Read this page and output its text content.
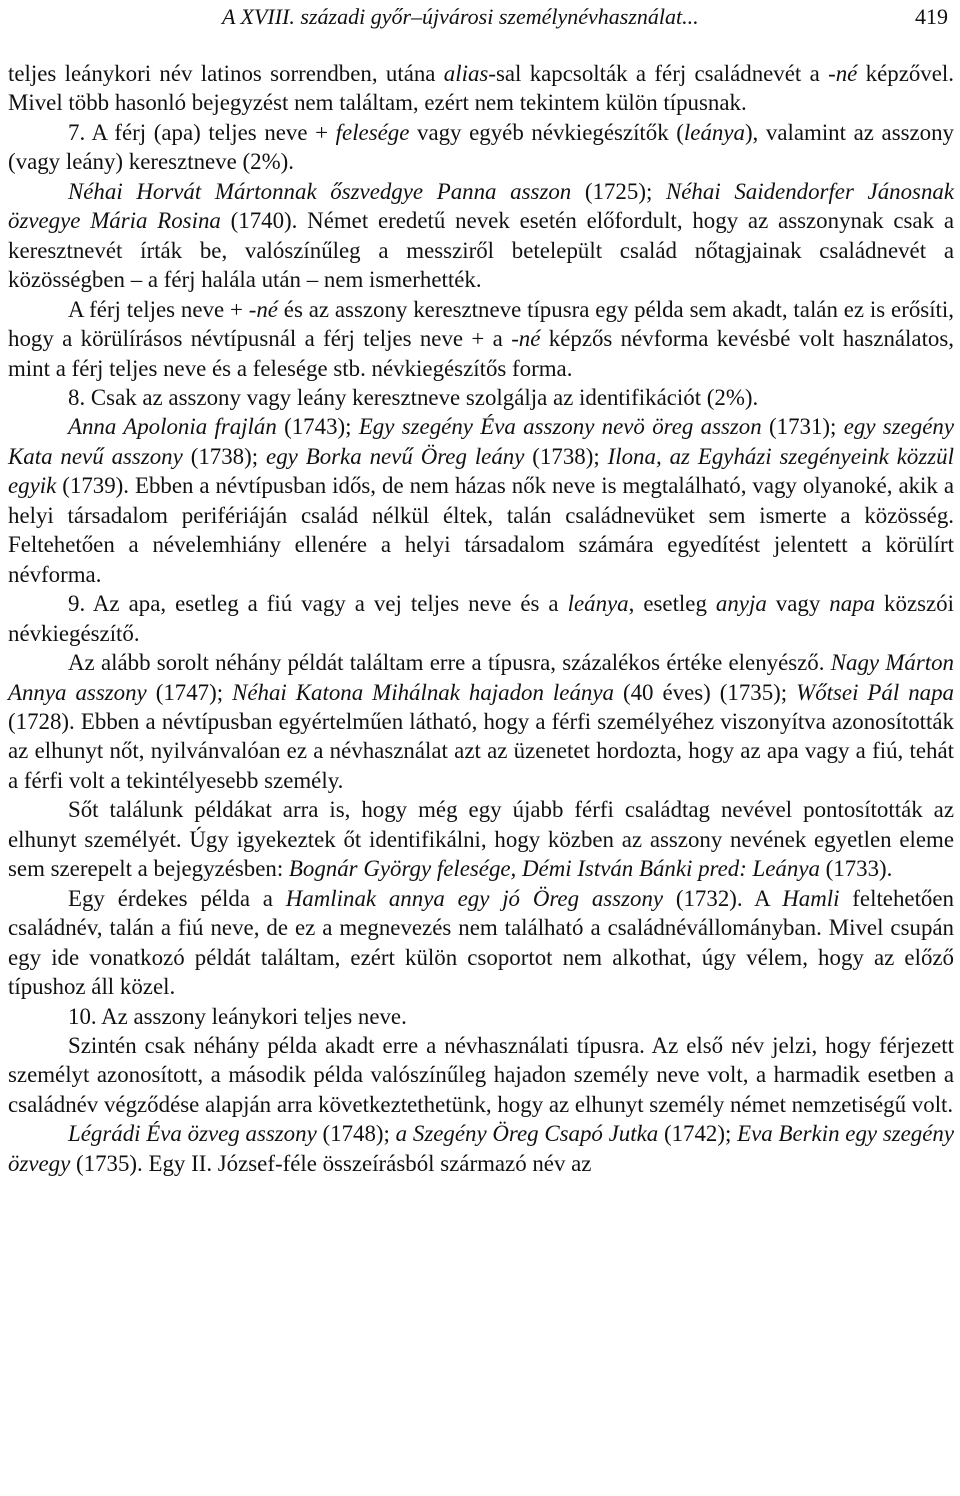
A XVIII. századi győr–újvárosi személynévhasználat...	419

teljes leánykori név latinos sorrendben, utána alias-sal kapcsolták a férj családnevét a -né képzővel. Mivel több hasonló bejegyzést nem találtam, ezért nem tekintem külön típusnak.

7. A férj (apa) teljes neve + felesége vagy egyéb névkiegészítők (leánya), valamint az asszony (vagy leány) keresztneve (2%).

Néhai Horvát Mártonnak őszvedgye Panna asszon (1725); Néhai Saidendorfer Jánosnak özvegye Mária Rosina (1740). Német eredetű nevek esetén előfordult, hogy az asszonynak csak a keresztnevét írták be, valószínűleg a messziről betelepült család nőtagjainak családnevét a közösségben – a férj halála után – nem ismerhették.

A férj teljes neve + -né és az asszony keresztneve típusra egy példa sem akadt, talán ez is erősíti, hogy a körülírásos névtípusnál a férj teljes neve + a -né képzős névforma kevésbé volt használatos, mint a férj teljes neve és a felesége stb. névkiegészítős forma.

8. Csak az asszony vagy leány keresztneve szolgálja az identifikációt (2%).

Anna Apolonia frajlán (1743); Egy szegény Éva asszony nevö öreg asszon (1731); egy szegény Kata nevű asszony (1738); egy Borka nevű Öreg leány (1738); Ilona, az Egyházi szegényeink közzül egyik (1739). Ebben a névtípusban idős, de nem házas nők neve is megtalálható, vagy olyanoké, akik a helyi társadalom perifériáján család nélkül éltek, talán családnevüket sem ismerte a közösség. Feltehetően a névelemhiány ellenére a helyi társadalom számára egyedítést jelentett a körülírt névforma.

9. Az apa, esetleg a fiú vagy a vej teljes neve és a leánya, esetleg anyja vagy napa közszói névkiegészítő.

Az alább sorolt néhány példát találtam erre a típusra, százalékos értéke elenyésző. Nagy Márton Annya asszony (1747); Néhai Katona Mihálnak hajadon leánya (40 éves) (1735); Wőtsei Pál napa (1728). Ebben a névtípusban egyértelműen látható, hogy a férfi személyéhez viszonyítva azonosították az elhunyt nőt, nyilvánvalóan ez a névhasználat azt az üzenetet hordozta, hogy az apa vagy a fiú, tehát a férfi volt a tekintélyesebb személy.

Sőt találunk példákat arra is, hogy még egy újabb férfi családtag nevével pontosították az elhunyt személyét. Úgy igyekeztek őt identifikálni, hogy közben az asszony nevének egyetlen eleme sem szerepelt a bejegyzésben: Bognár György felesége, Démi István Bánki pred: Leánya (1733).

Egy érdekes példa a Hamlinak annya egy jó Öreg asszony (1732). A Hamli feltehetően családnév, talán a fiú neve, de ez a megnevezés nem található a családnévállományban. Mivel csupán egy ide vonatkozó példát találtam, ezért külön csoportot nem alkothat, úgy vélem, hogy az előző típushoz áll közel.

10. Az asszony leánykori teljes neve.

Szintén csak néhány példa akadt erre a névhasználati típusra. Az első név jelzi, hogy férjezett személyt azonosított, a második példa valószínűleg hajadon személy neve volt, a harmadik esetben a családnév végződése alapján arra következtethetünk, hogy az elhunyt személy német nemzetiségű volt.

Légrádi Éva özveg asszony (1748); a Szegény Öreg Csapó Jutka (1742); Eva Berkin egy szegény özvegy (1735). Egy II. József-féle összeírásból származó név az
